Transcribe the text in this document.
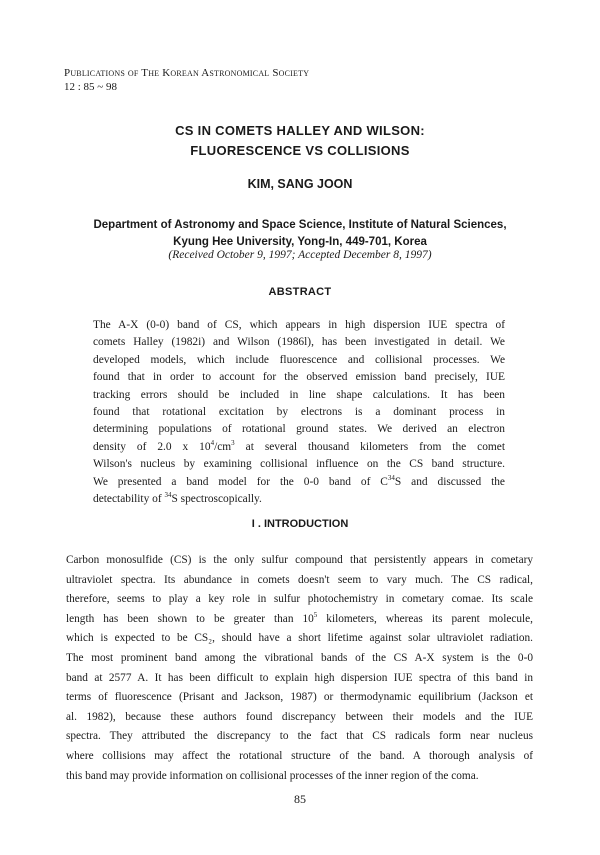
Publications of The Korean Astronomical Society
12 : 85 ~ 98
CS IN COMETS HALLEY AND WILSON:
FLUORESCENCE VS COLLISIONS
KIM, SANG JOON
Department of Astronomy and Space Science, Institute of Natural Sciences,
Kyung Hee University, Yong-In, 449-701, Korea
(Received October 9, 1997; Accepted December 8, 1997)
ABSTRACT
The A-X (0-0) band of CS, which appears in high dispersion IUE spectra of
comets Halley (1982i) and Wilson (1986l), has been investigated in detail. We
developed models, which include fluorescence and collisional processes. We
found that in order to account for the observed emission band precisely, IUE
tracking errors should be included in line shape calculations. It has been
found that rotational excitation by electrons is a dominant process in
determining populations of rotational ground states. We derived an electron
density of 2.0 x $10^4/cm^3$ at several thousand kilometers from the comet
Wilson's nucleus by examining collisional influence on the CS band structure.
We presented a band model for the 0-0 band of $C^{34}S$ and discussed the
detectability of $^{34}$S spectroscopically.
I . INTRODUCTION
Carbon monosulfide (CS) is the only sulfur compound that persistently appears in cometary
ultraviolet spectra. Its abundance in comets doesn't seem to vary much. The CS radical,
therefore, seems to play a key role in sulfur photochemistry in cometary comae. Its scale
length has been shown to be greater than $10^5$ kilometers, whereas its parent molecule,
which is expected to be CS₂, should have a short lifetime against solar ultraviolet radiation.
The most prominent band among the vibrational bands of the CS A-X system is the 0-0
band at 2577 A. It has been difficult to explain high dispersion IUE spectra of this band in
terms of fluorescence (Prisant and Jackson, 1987) or thermodynamic equilibrium (Jackson et
al. 1982), because these authors found discrepancy between their models and the IUE
spectra. They attributed the discrepancy to the fact that CS radicals form near nucleus
where collisions may affect the rotational structure of the band. A thorough analysis of
this band may provide information on collisional processes of the inner region of the coma.
85
